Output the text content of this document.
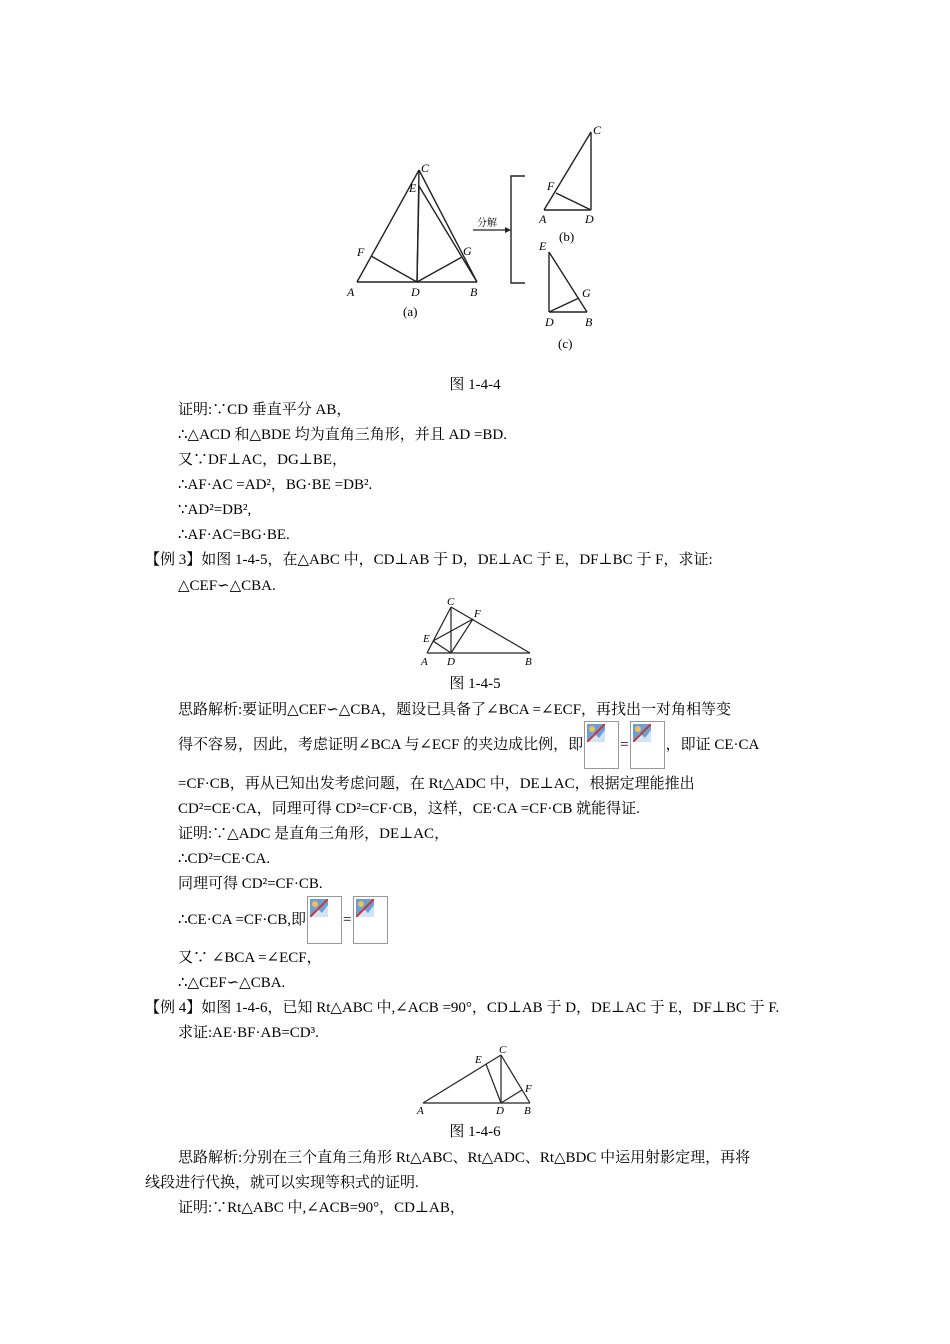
A	B
C
D
E
F	G
(a)
分解	A	D
C
F
(b)
E
D	B
G
(c)
图 1-4-4
证明:∵CD 垂直平分 AB，
∴△ACD 和△BDE 均为直角三角形，并且 AD =BD.
又∵DF⊥AC，DG⊥BE，
∴AF·AC =AD²，BG·BE =DB².
∵AD²=DB²,
∴AF·AC=BG·BE.
【例 3】如图 1-4-5，在△ABC 中，CD⊥AB 于 D，DE⊥AC 于 E，DF⊥BC 于 F，求证:
△CEF∽△CBA.
A D	B
C
E
F
图 1-4-5
思路解析:要证明△CEF∽△CBA，题设已具备了∠BCA =∠ECF，再找出一对角相等变
得不容易，因此，考虑证明∠BCA 与∠ECF 的夹边成比例，即 = ，即证 CE·CA
=CF·CB，再从已知出发考虑问题，在 Rt△ADC 中，DE⊥AC，根据定理能推出
CD²=CE·CA，同理可得 CD²=CF·CB，这样，CE·CA =CF·CB 就能得证.
证明:∵△ADC 是直角三角形，DE⊥AC，
∴CD²=CE·CA.
同理可得 CD²=CF·CB.
∴CE·CA =CF·CB,即 =
又∵ ∠BCA =∠ECF，
∴△CEF∽△CBA.
【例 4】如图 1-4-6，已知 Rt△ABC 中,∠ACB =90°，CD⊥AB 于 D，DE⊥AC 于 E，DF⊥BC 于 F.
求证:AE·BF·AB=CD³.
A	D B
C
E
F
图 1-4-6
思路解析:分别在三个直角三角形 Rt△ABC、Rt△ADC、Rt△BDC 中运用射影定理，再将
线段进行代换，就可以实现等积式的证明.
证明:∵Rt△ABC 中,∠ACB=90°，CD⊥AB，
